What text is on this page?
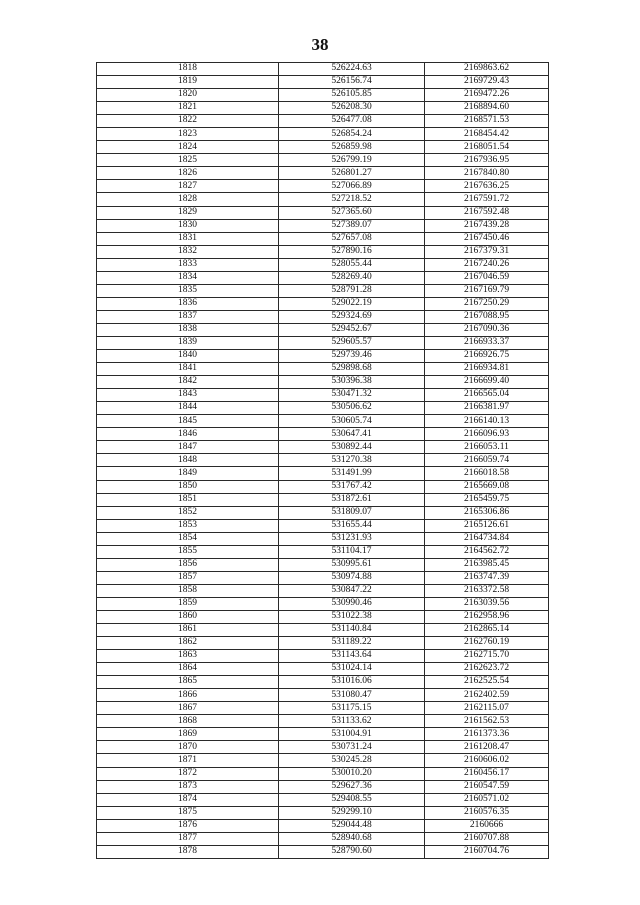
38
1818	526224.63	2169863.62
1819	526156.74	2169729.43
1820	526105.85	2169472.26
1821	526208.30	2168894.60
1822	526477.08	2168571.53
1823	526854.24	2168454.42
1824	526859.98	2168051.54
1825	526799.19	2167936.95
1826	526801.27	2167840.80
1827	527066.89	2167636.25
1828	527218.52	2167591.72
1829	527365.60	2167592.48
1830	527389.07	2167439.28
1831	527657.08	2167450.46
1832	527890.16	2167379.31
1833	528055.44	2167240.26
1834	528269.40	2167046.59
1835	528791.28	2167169.79
1836	529022.19	2167250.29
1837	529324.69	2167088.95
1838	529452.67	2167090.36
1839	529605.57	2166933.37
1840	529739.46	2166926.75
1841	529898.68	2166934.81
1842	530396.38	2166699.40
1843	530471.32	2166565.04
1844	530506.62	2166381.97
1845	530605.74	2166140.13
1846	530647.41	2166096.93
1847	530892.44	2166053.11
1848	531270.38	2166059.74
1849	531491.99	2166018.58
1850	531767.42	2165669.08
1851	531872.61	2165459.75
1852	531809.07	2165306.86
1853	531655.44	2165126.61
1854	531231.93	2164734.84
1855	531104.17	2164562.72
1856	530995.61	2163985.45
1857	530974.88	2163747.39
1858	530847.22	2163372.58
1859	530990.46	2163039.56
1860	531022.38	2162958.96
1861	531140.84	2162865.14
1862	531189.22	2162760.19
1863	531143.64	2162715.70
1864	531024.14	2162623.72
1865	531016.06	2162525.54
1866	531080.47	2162402.59
1867	531175.15	2162115.07
1868	531133.62	2161562.53
1869	531004.91	2161373.36
1870	530731.24	2161208.47
1871	530245.28	2160606.02
1872	530010.20	2160456.17
1873	529627.36	2160547.59
1874	529408.55	2160571.02
1875	529299.10	2160576.35
1876	529044.48	2160666
1877	528940.68	2160707.88
1878	528790.60	2160704.76
